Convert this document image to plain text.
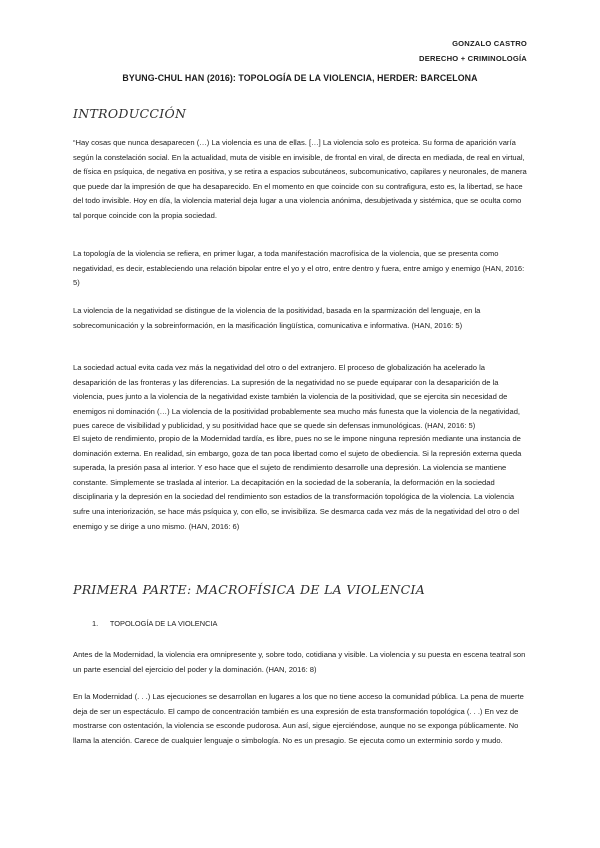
GONZALO CASTRO
DERECHO + CRIMINOLOGÍA
BYUNG-CHUL HAN (2016): TOPOLOGÍA DE LA VIOLENCIA, HERDER: BARCELONA
INTRODUCCIÓN

“Hay cosas que nunca desaparecen (…) La violencia es una de ellas. […] La violencia solo es proteica. Su forma de aparición varía según la constelación social. En la actualidad, muta de visible en invisible, de frontal en viral, de directa en mediada, de real en virtual, de física en psíquica, de negativa en positiva, y se retira a espacios subcutáneos, subcomunicativo, capilares y neuronales, de manera que puede dar la impresión de que ha desaparecido. En el momento en que coincide con su contrafigura, esto es, la libertad, se hace del todo invisible. Hoy en día, la violencia material deja lugar a una violencia anónima, desubjetivada y sistémica, que se oculta como tal porque coincide con la propia sociedad.

La topología de la violencia se refiera, en primer lugar, a toda manifestación macrofísica de la violencia, que se presenta como negatividad, es decir, estableciendo una relación bipolar entre el yo y el otro, entre dentro y fuera, entre amigo y enemigo (HAN, 2016: 5)

La violencia de la negatividad se distingue de la violencia de la positividad, basada en la sparmización del lenguaje, en la sobrecomunicación y la sobreinformación, en la masificación lingüística, comunicativa e informativa. (HAN, 2016: 5)

La sociedad actual evita cada vez más la negatividad del otro o del extranjero. El proceso de globalización ha acelerado la desaparición de las fronteras y las diferencias. La supresión de la negatividad no se puede equiparar con la desaparición de la violencia, pues junto a la violencia de la negatividad existe también la violencia de la positividad, que se ejercita sin necesidad de enemigos ni dominación (…) La violencia de la positividad probablemente sea mucho más funesta que la violencia de la negatividad, pues carece de visibilidad y publicidad, y su positividad hace que se quede sin defensas inmunológicas. (HAN, 2016: 5)

El sujeto de rendimiento, propio de la Modernidad tardía, es libre, pues no se le impone ninguna represión mediante una instancia de dominación externa. En realidad, sin embargo, goza de tan poca libertad como el sujeto de obediencia. Si la represión externa queda superada, la presión pasa al interior. Y eso hace que el sujeto de rendimiento desarrolle una depresión. La violencia se mantiene constante. Simplemente se traslada al interior. La decapitación en la sociedad de la soberanía, la deformación en la sociedad disciplinaria y la depresión en la sociedad del rendimiento son estadios de la transformación topológica de la violencia. La violencia sufre una interiorización, se hace más psíquica y, con ello, se invisibiliza. Se desmarca cada vez más de la negatividad del otro o del enemigo y se dirige a uno mismo. (HAN, 2016: 6)

PRIMERA PARTE: MACROFÍSICA DE LA VIOLENCIA
1. TOPOLOGÍA DE LA VIOLENCIA

Antes de la Modernidad, la violencia era omnipresente y, sobre todo, cotidiana y visible. La violencia y su puesta en escena teatral son un parte esencial del ejercicio del poder y la dominación. (HAN, 2016: 8)

En la Modernidad (. . .) Las ejecuciones se desarrollan en lugares a los que no tiene acceso la comunidad pública. La pena de muerte deja de ser un espectáculo. El campo de concentración también es una expresión de esta transformación topológica (. . .) En vez de mostrarse con ostentación, la violencia se esconde pudorosa. Aun así, sigue ejerciéndose, aunque no se exponga públicamente. No llama la atención. Carece de cualquier lenguaje o simbología. No es un presagio. Se ejecuta como un exterminio sordo y mudo.
